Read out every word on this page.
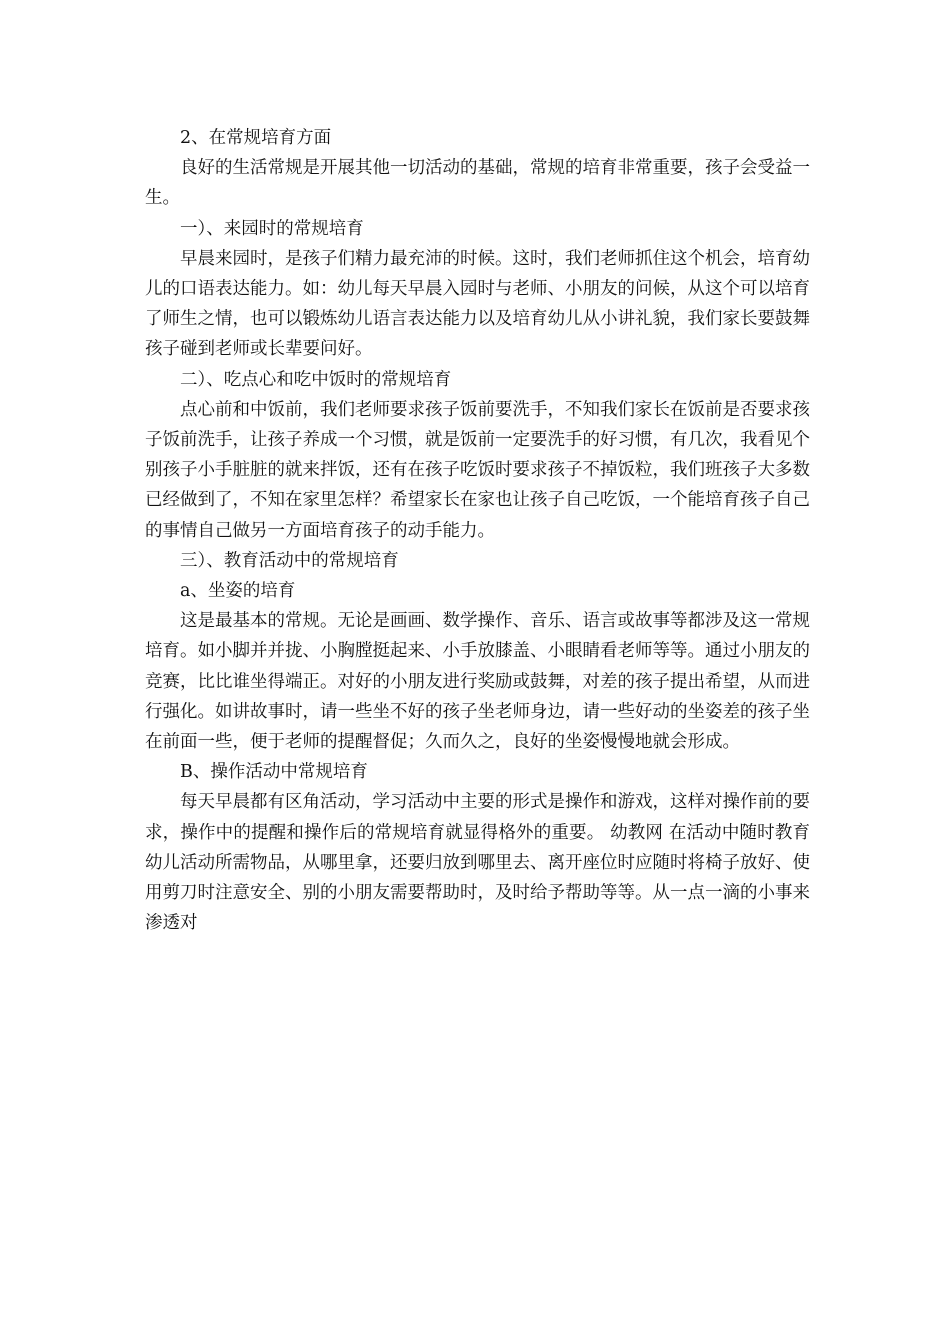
2、在常规培育方面

良好的生活常规是开展其他一切活动的基础，常规的培育非常重要，孩子会受益一生。

一）、来园时的常规培育

早晨来园时，是孩子们精力最充沛的时候。这时，我们老师抓住这个机会，培育幼儿的口语表达能力。如：幼儿每天早晨入园时与老师、小朋友的问候，从这个可以培育了师生之情，也可以锻炼幼儿语言表达能力以及培育幼儿从小讲礼貌，我们家长要鼓舞孩子碰到老师或长辈要问好。

二）、吃点心和吃中饭时的常规培育

点心前和中饭前，我们老师要求孩子饭前要洗手，不知我们家长在饭前是否要求孩子饭前洗手，让孩子养成一个习惯，就是饭前一定要洗手的好习惯，有几次，我看见个别孩子小手脏脏的就来拌饭，还有在孩子吃饭时要求孩子不掉饭粒，我们班孩子大多数已经做到了，不知在家里怎样？希望家长在家也让孩子自己吃饭，一个能培育孩子自己的事情自己做另一方面培育孩子的动手能力。

三）、教育活动中的常规培育

a、坐姿的培育

这是最基本的常规。无论是画画、数学操作、音乐、语言或故事等都涉及这一常规培育。如小脚并并拢、小胸膛挺起来、小手放膝盖、小眼睛看老师等等。通过小朋友的竞赛，比比谁坐得端正。对好的小朋友进行奖励或鼓舞，对差的孩子提出希望，从而进行强化。如讲故事时，请一些坐不好的孩子坐老师身边，请一些好动的坐姿差的孩子坐在前面一些，便于老师的提醒督促；久而久之，良好的坐姿慢慢地就会形成。

B、操作活动中常规培育

每天早晨都有区角活动，学习活动中主要的形式是操作和游戏，这样对操作前的要求，操作中的提醒和操作后的常规培育就显得格外的重要。 幼教网 在活动中随时教育幼儿活动所需物品，从哪里拿，还要归放到哪里去、离开座位时应随时将椅子放好、使用剪刀时注意安全、别的小朋友需要帮助时，及时给予帮助等等。从一点一滴的小事来渗透对
